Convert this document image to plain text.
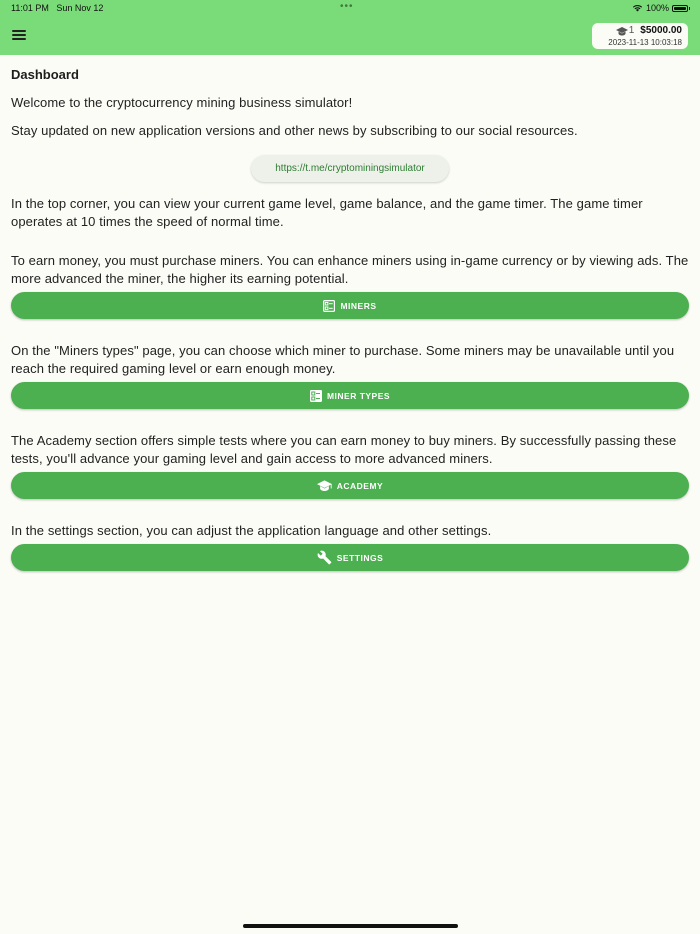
11:01 PM Sun Nov 12	•••	100%
1 $5000.00
2023-11-13 10:03:18
Dashboard
Welcome to the cryptocurrency mining business simulator!
Stay updated on new application versions and other news by subscribing to our social resources.
https://t.me/cryptominingsimulator
In the top corner, you can view your current game level, game balance, and the game timer. The game timer operates at 10 times the speed of normal time.
To earn money, you must purchase miners. You can enhance miners using in-game currency or by viewing ads. The more advanced the miner, the higher its earning potential.
MINERS
On the "Miners types" page, you can choose which miner to purchase. Some miners may be unavailable until you reach the required gaming level or earn enough money.
MINER TYPES
The Academy section offers simple tests where you can earn money to buy miners. By successfully passing these tests, you'll advance your gaming level and gain access to more advanced miners.
ACADEMY
In the settings section, you can adjust the application language and other settings.
SETTINGS
